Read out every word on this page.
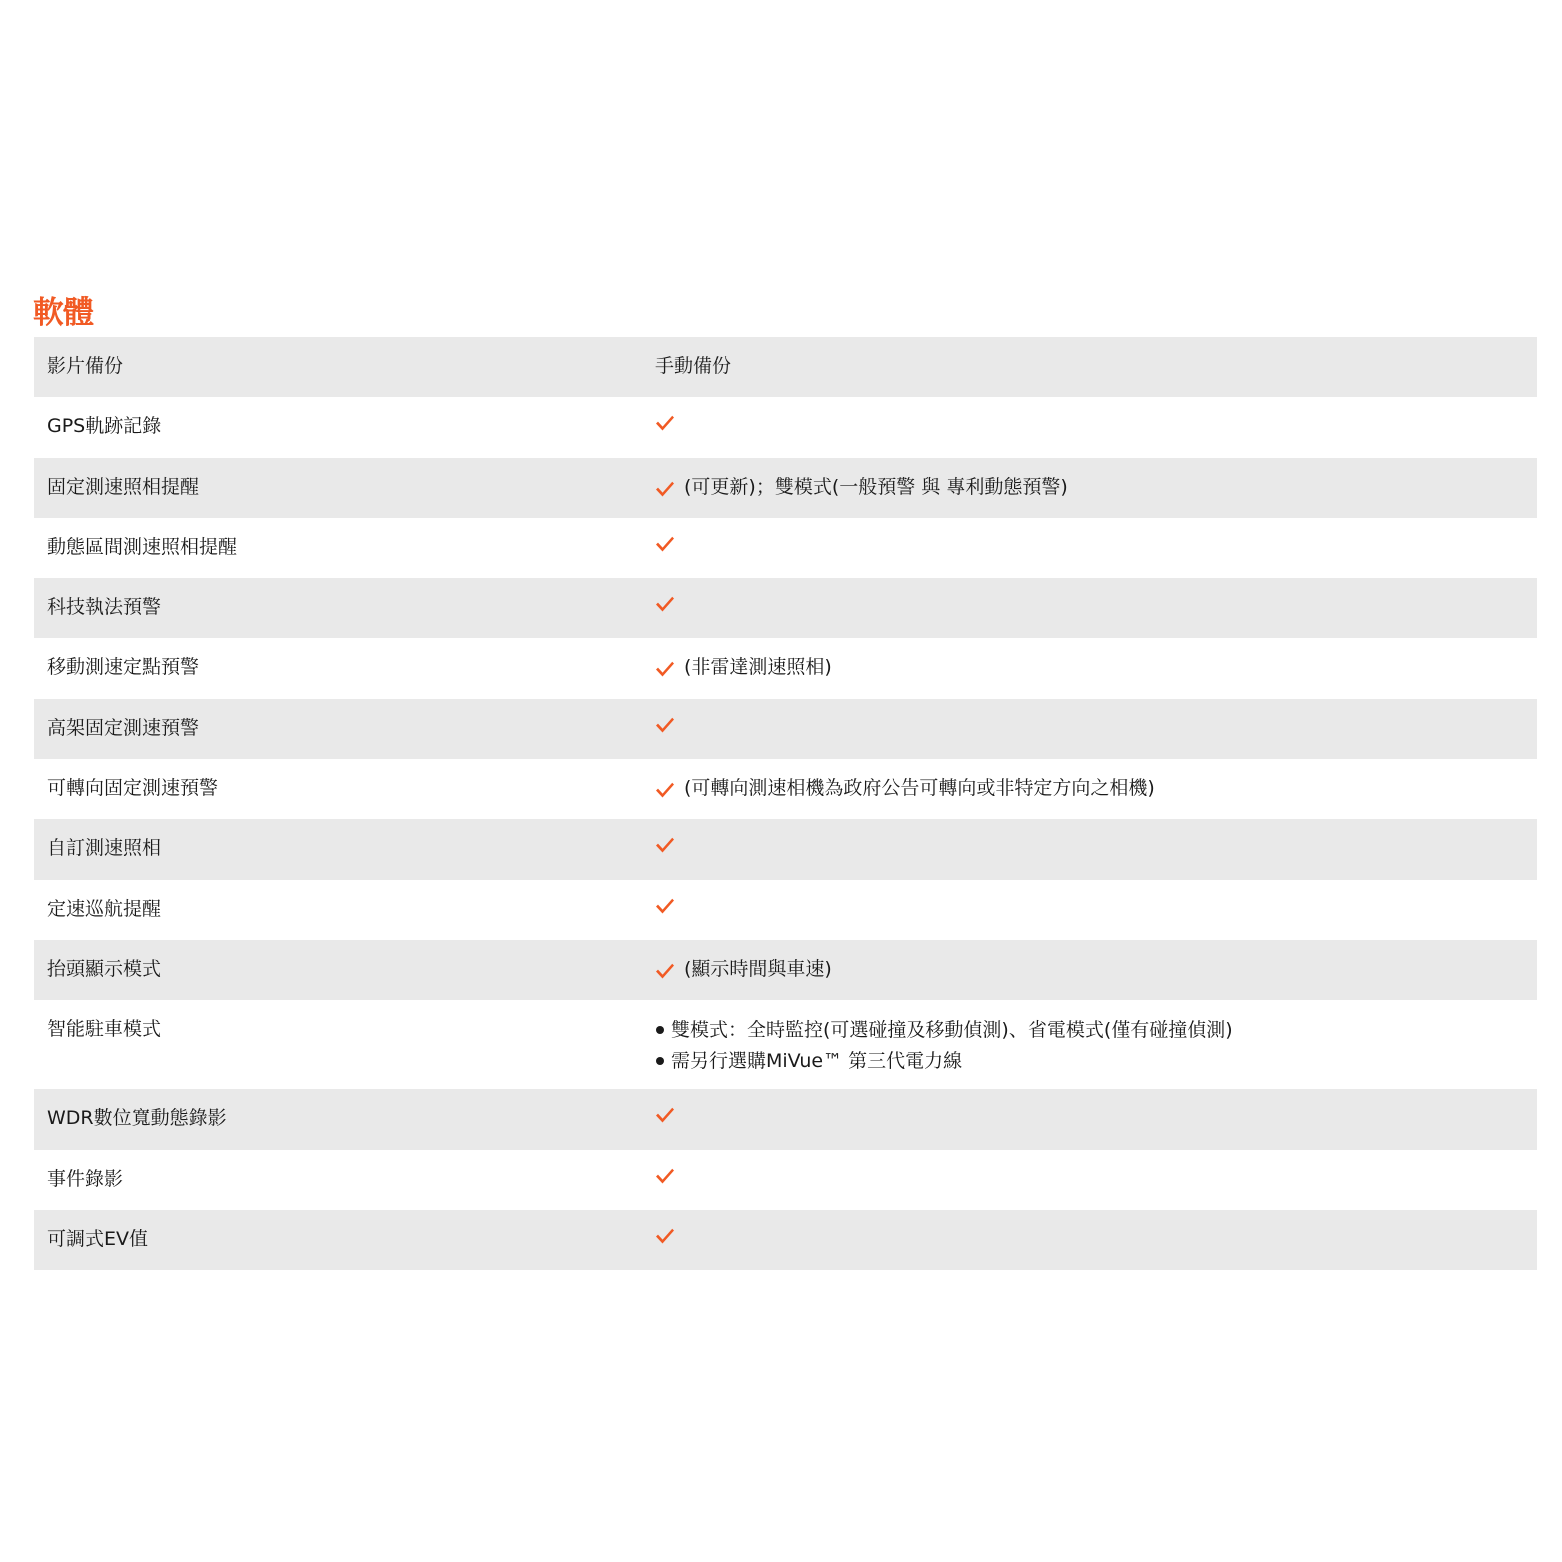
軟體
影片備份	手動備份
GPS軌跡記錄
固定測速照相提醒	(可更新)；雙模式(一般預警 與 專利動態預警)
動態區間測速照相提醒
科技執法預警
移動測速定點預警	(非雷達測速照相)
高架固定測速預警
可轉向固定測速預警	(可轉向測速相機為政府公告可轉向或非特定方向之相機)
自訂測速照相
定速巡航提醒
抬頭顯示模式	(顯示時間與車速)
智能駐車模式	雙模式：全時監控(可選碰撞及移動偵測)、省電模式(僅有碰撞偵測)
需另行選購MiVue™ 第三代電力線
WDR數位寬動態錄影
事件錄影
可調式EV值
